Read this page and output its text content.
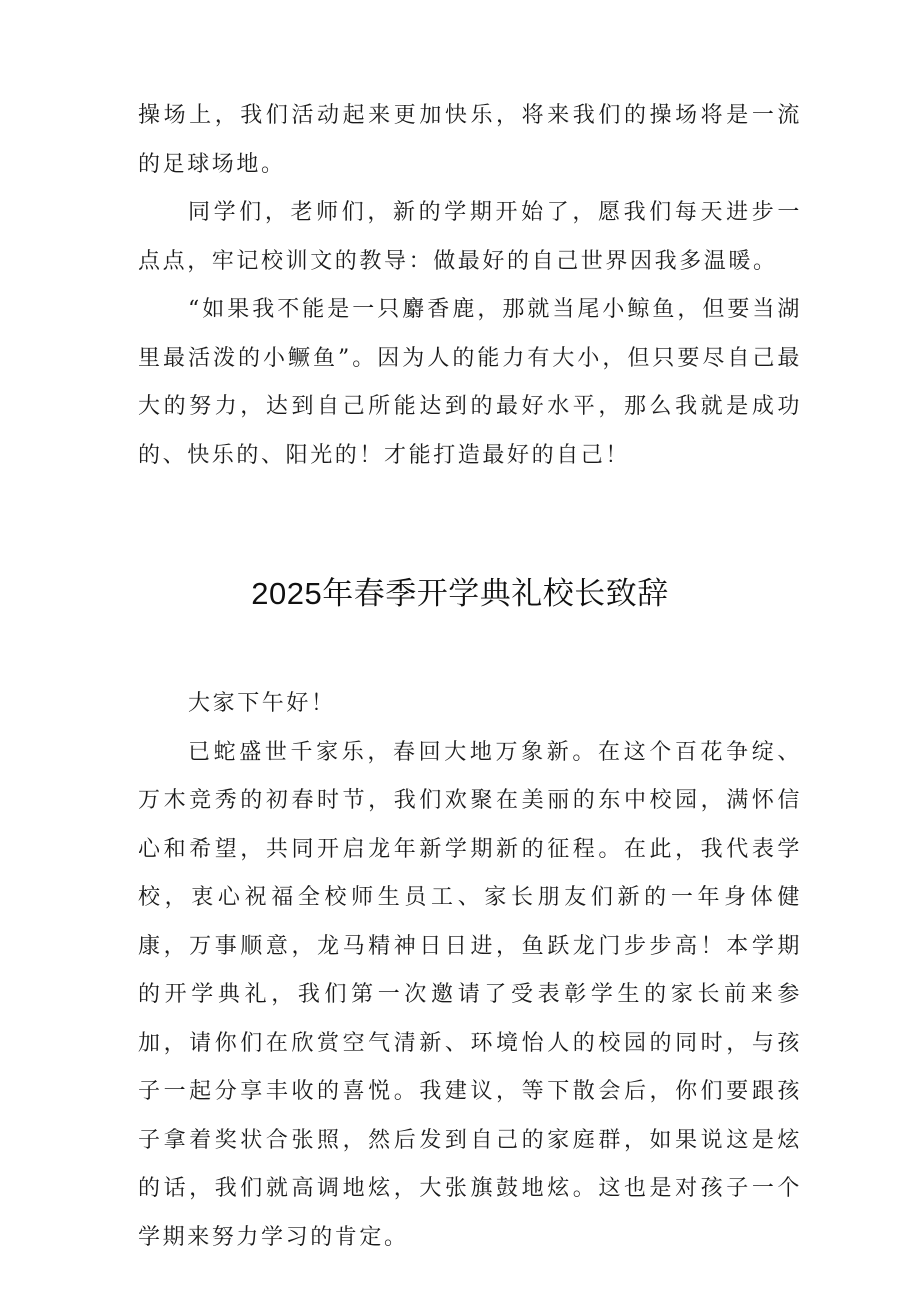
操场上，我们活动起来更加快乐，将来我们的操场将是一流的足球场地。

同学们，老师们，新的学期开始了，愿我们每天进步一点点，牢记校训文的教导：做最好的自己世界因我多温暖。

“如果我不能是一只麝香鹿，那就当尾小鲸鱼，但要当湖里最活泼的小鳜鱼”。因为人的能力有大小，但只要尽自己最大的努力，达到自己所能达到的最好水平，那么我就是成功的、快乐的、阳光的！才能打造最好的自己！

2025年春季开学典礼校长致辞

大家下午好！

已蛇盛世千家乐，春回大地万象新。在这个百花争绽、万木竞秀的初春时节，我们欢聚在美丽的东中校园，满怀信心和希望，共同开启龙年新学期新的征程。在此，我代表学校，衷心祝福全校师生员工、家长朋友们新的一年身体健康，万事顺意，龙马精神日日进，鱼跃龙门步步高！本学期的开学典礼，我们第一次邀请了受表彰学生的家长前来参加，请你们在欣赏空气清新、环境怡人的校园的同时，与孩子一起分享丰收的喜悦。我建议，等下散会后，你们要跟孩子拿着奖状合张照，然后发到自己的家庭群，如果说这是炫的话，我们就高调地炫，大张旗鼓地炫。这也是对孩子一个学期来努力学习的肯定。
